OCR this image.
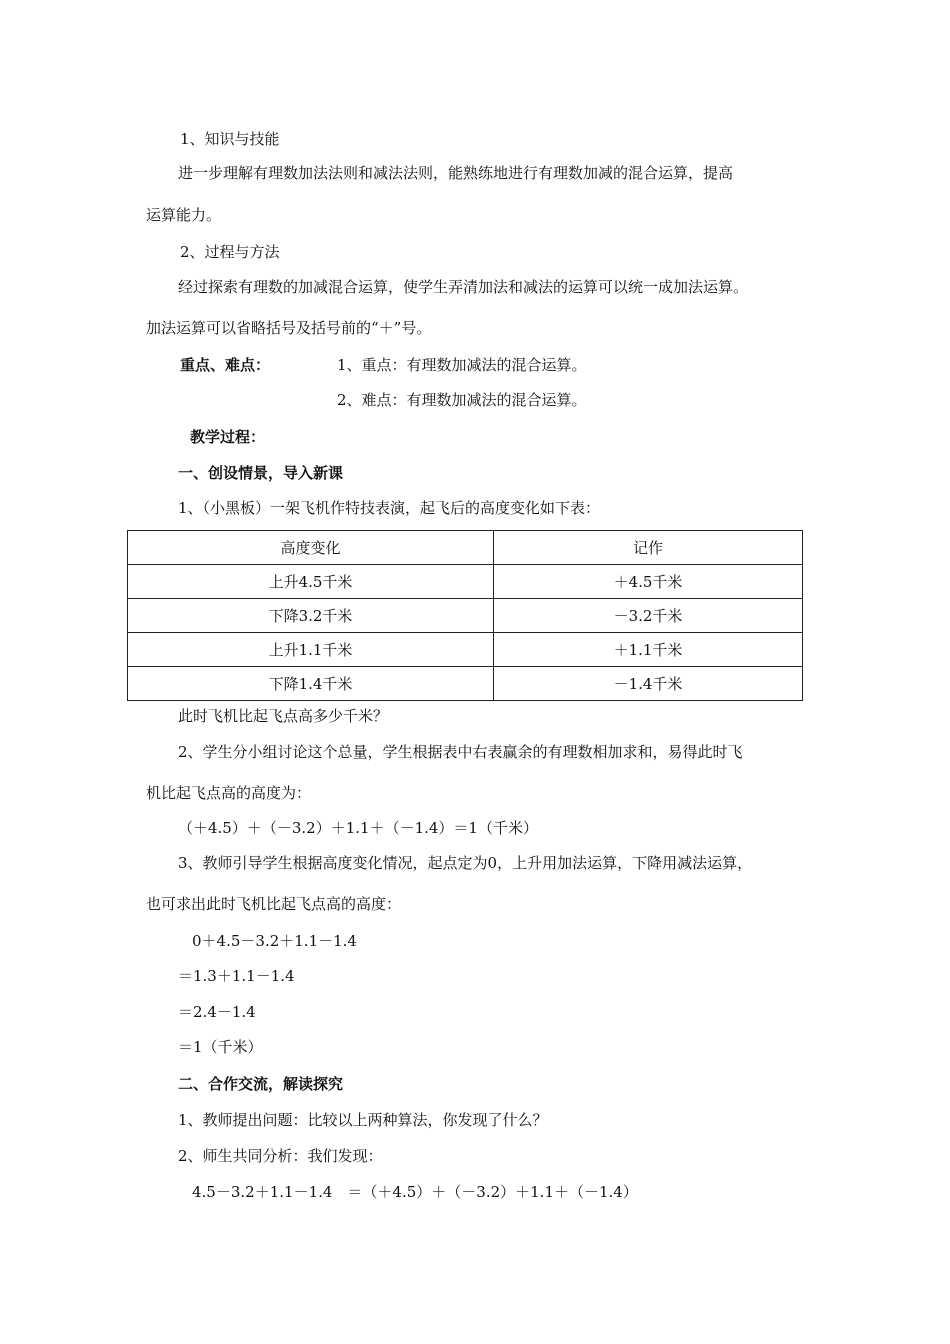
1、知识与技能
进一步理解有理数加法法则和减法法则，能熟练地进行有理数加减的混合运算，提高
运算能力。
2、过程与方法
经过探索有理数的加减混合运算，使学生弄清加法和减法的运算可以统一成加法运算。
加法运算可以省略括号及括号前的“＋”号。
重点、难点：	1、重点：有理数加减法的混合运算。
2、难点：有理数加减法的混合运算。
教学过程：
一、创设情景，导入新课
1、（小黑板）一架飞机作特技表演，起飞后的高度变化如下表：
高度变化	记作
上升4.5千米	＋4.5千米
下降3.2千米	－3.2千米
上升1.1千米	＋1.1千米
下降1.4千米	－1.4千米
此时飞机比起飞点高多少千米？
2、学生分小组讨论这个总量，学生根据表中右表赢余的有理数相加求和，易得此时飞
机比起飞点高的高度为：
（＋4.5）＋（－3.2）＋1.1＋（－1.4）＝1（千米）
3、教师引导学生根据高度变化情况，起点定为0，上升用加法运算，下降用减法运算，
也可求出此时飞机比起飞点高的高度：
0＋4.5－3.2＋1.1－1.4
＝1.3＋1.1－1.4
＝2.4－1.4
＝1（千米）
二、合作交流，解读探究
1、教师提出问题：比较以上两种算法，你发现了什么？
2、师生共同分析：我们发现：
4.5－3.2＋1.1－1.4　＝（＋4.5）＋（－3.2）＋1.1＋（－1.4）
